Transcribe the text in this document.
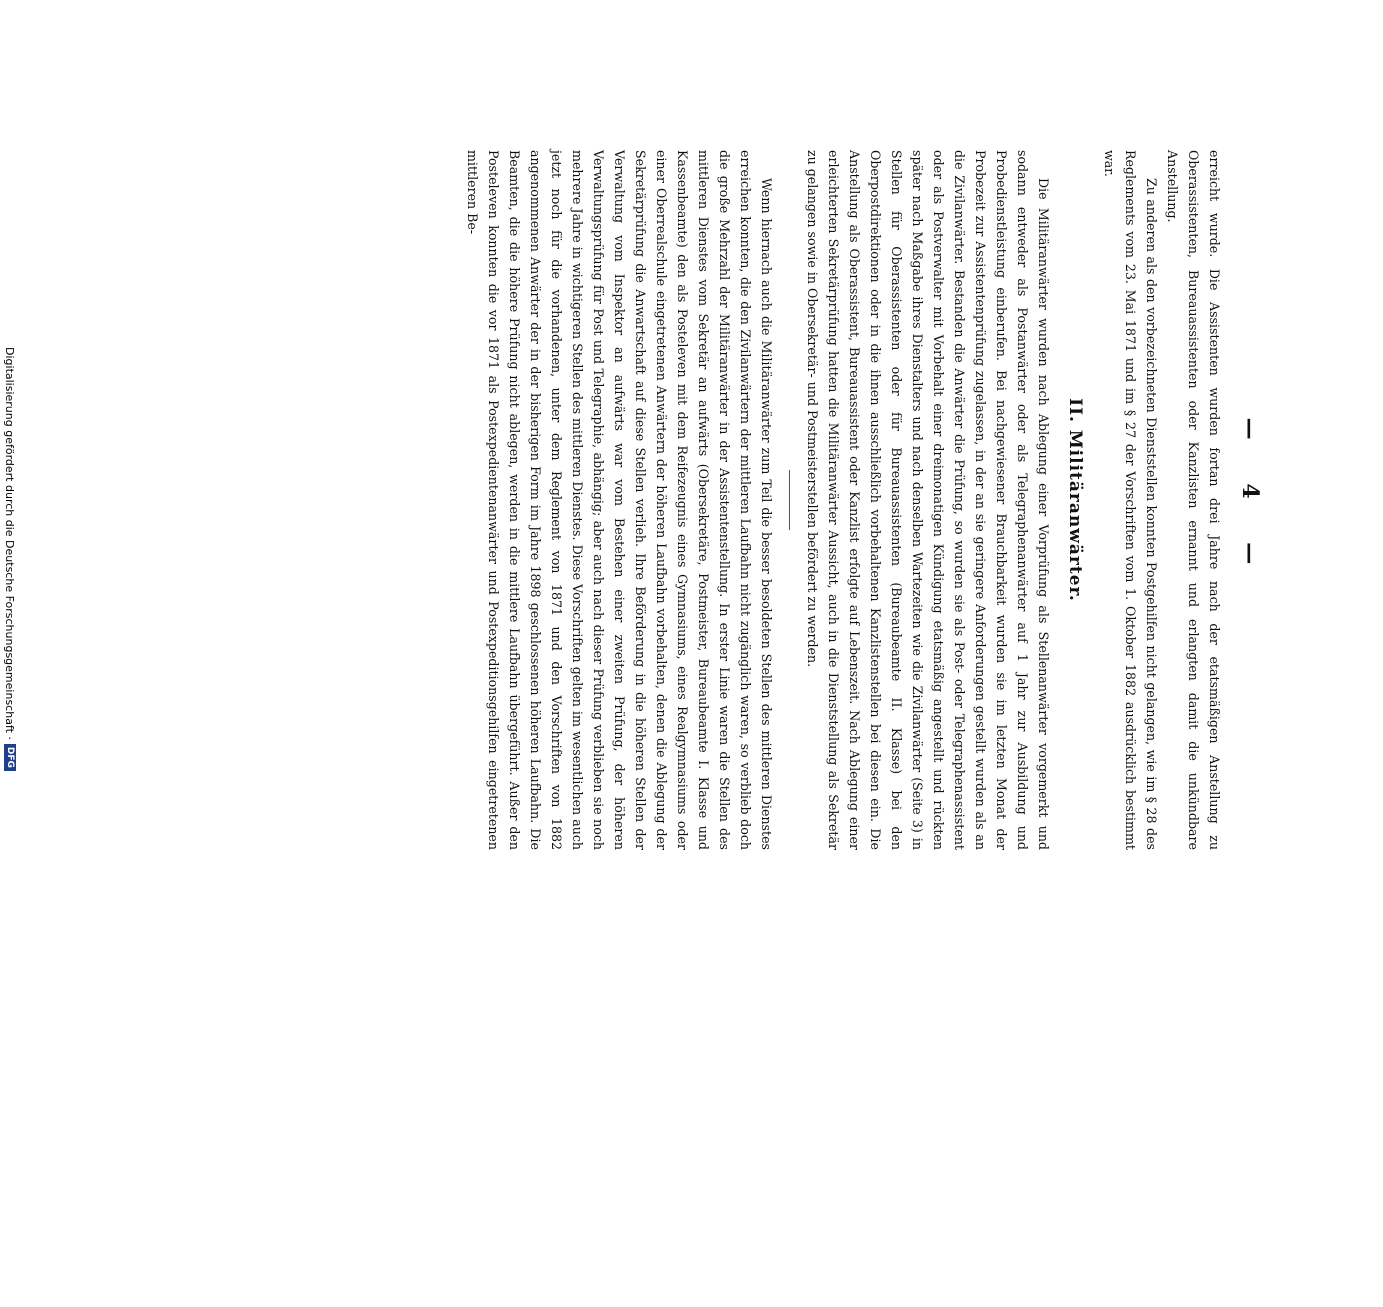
— 4 —

erreicht wurde. Die Assistenten wurden fortan drei Jahre nach der etatsmäßigen Anstellung zu Oberassistenten, Bureauassistenten oder Kanzlisten ernannt und erlangten damit die unkündbare Anstellung.

Zu anderen als den vorbezeichneten Dienststellen konnten Postgehilfen nicht gelangen, wie im § 28 des Reglements vom 23. Mai 1871 und im § 27 der Vorschriften vom 1. Oktober 1882 ausdrücklich bestimmt war.

II. Militäranwärter.

Die Militäranwärter wurden nach Ablegung einer Vorprüfung als Stellenanwärter vorgemerkt und sodann entweder als Postanwärter oder als Telegraphenanwärter auf 1 Jahr zur Ausbildung und Probedienstleistung einberufen. Bei nachgewiesener Brauchbarkeit wurden sie im letzten Monat der Probezeit zur Assistentenprüfung zugelassen, in der an sie geringere Anforderungen gestellt wurden als an die Zivilanwärter. Bestanden die Anwärter die Prüfung, so wurden sie als Post- oder Telegraphenassistent oder als Postverwalter mit Vorbehalt einer dreimonatigen Kündigung etatsmäßig angestellt und rückten später nach Maßgabe ihres Dienstalters und nach denselben Wartezeiten wie die Zivilanwärter (Seite 3) in Stellen für Oberassistenten oder für Bureauassistenten (Bureaubeamte II. Klasse) bei den Oberpostdirektionen oder in die ihnen ausschließlich vorbehaltenen Kanzlistenstellen bei diesen ein. Die Anstellung als Oberassistent, Bureauassistent oder Kanzlist erfolgte auf Lebenszeit. Nach Ablegung einer erleichterten Sekretärprüfung hatten die Militäranwärter Aussicht, auch in die Dienststellung als Sekretär zu gelangen sowie in Obersekretär- und Postmeisterstellen befördert zu werden.

Wenn hiernach auch die Militäranwärter zum Teil die besser besoldeten Stellen des mittleren Dienstes erreichen konnten, die den Zivilanwärtern der mittleren Laufbahn nicht zugänglich waren, so verblieb doch die große Mehrzahl der Militäranwärter in der Assistentenstellung. In erster Linie waren die Stellen des mittleren Dienstes vom Sekretär an aufwärts (Obersekretäre, Postmeister, Bureaubeamte I. Klasse und Kassenbeamte) den als Posteleven mit dem Reifezeugnis eines Gymnasiums, eines Realgymnasiums oder einer Oberrealschule eingetretenen Anwärtern der höheren Laufbahn vorbehalten, denen die Ablegung der Sekretärprüfung die Anwartschaft auf diese Stellen verlieh. Ihre Beförderung in die höheren Stellen der Verwaltung vom Inspektor an aufwärts war vom Bestehen einer zweiten Prüfung, der höheren Verwaltungsprüfung für Post und Telegraphie, abhängig; aber auch nach dieser Prüfung verblieben sie noch mehrere Jahre in wichtigeren Stellen des mittleren Dienstes. Diese Vorschriften gelten im wesentlichen auch jetzt noch für die vorhandenen, unter dem Reglement von 1871 und den Vorschriften von 1882 angenommenen Anwärter der in der bisherigen Form im Jahre 1898 geschlossenen höheren Laufbahn. Die Beamten, die die höhere Prüfung nicht ablegen, werden in die mittlere Laufbahn übergeführt. Außer den Posteleven konnten die vor 1871 als Postexpedientenanwärter und Postexpeditionsgehilfen eingetretenen mittleren Be-

Digitalisierung gefördert durch die Deutsche Forschungsgemeinschaft ·
DFG
